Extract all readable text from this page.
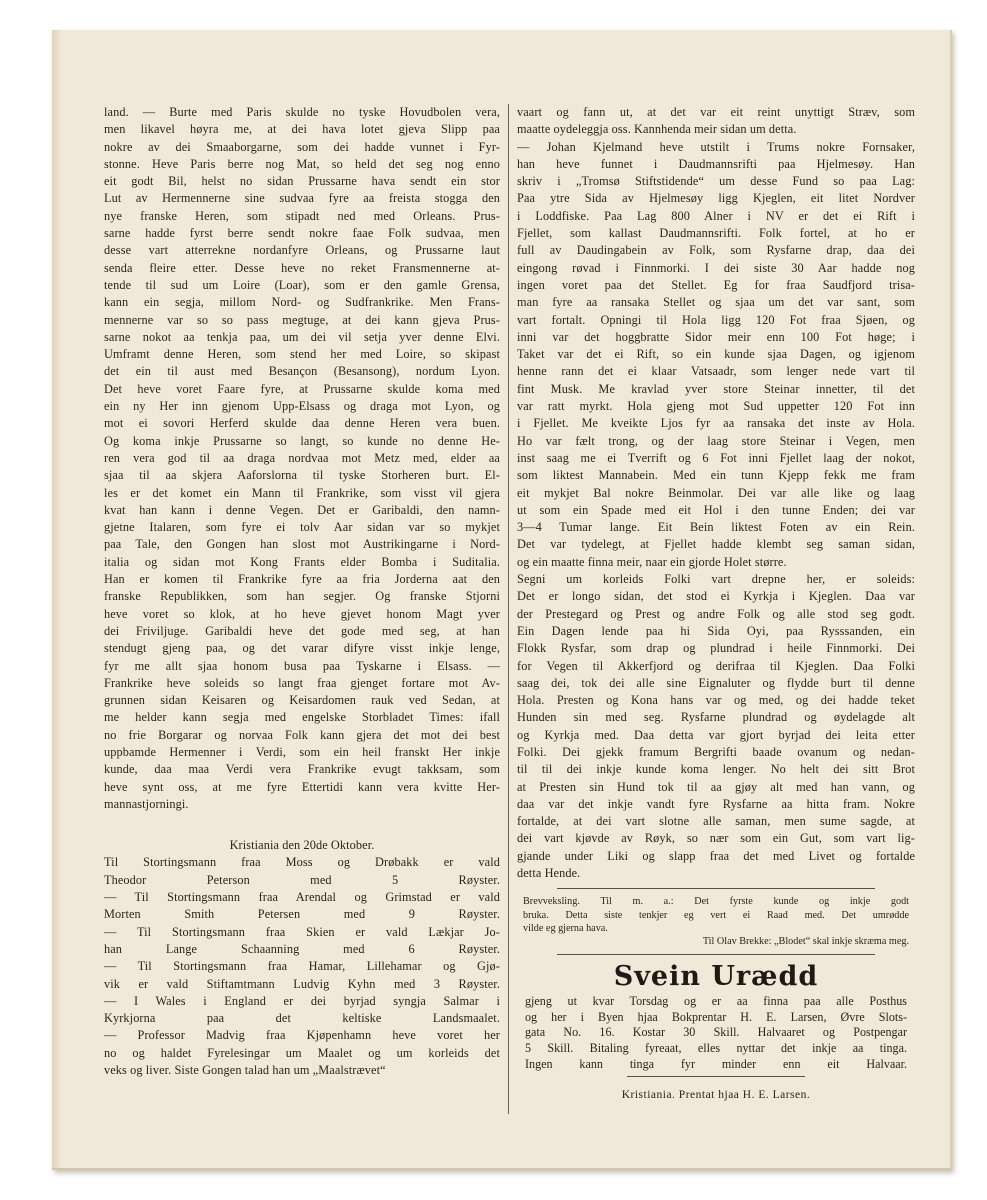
land. — Burte med Paris skulde no tyske Hovudbolen vera,
men likavel høyra me, at dei hava lotet gjeva Slipp paa
nokre av dei Smaaborgarne, som dei hadde vunnet i Fyr-
stonne. Heve Paris berre nog Mat, so held det seg nog enno
eit godt Bil, helst no sidan Prussarne hava sendt ein stor
Lut av Hermennerne sine sudvaa fyre aa freista stogga den
nye franske Heren, som stipadt ned med Orleans. Prus-
sarne hadde fyrst berre sendt nokre faae Folk sudvaa, men
desse vart atterrekne nordanfyre Orleans, og Prussarne laut
senda fleire etter. Desse heve no reket Fransmennerne at-
tende til sud um Loire (Loar), som er den gamle Grensa,
kann ein segja, millom Nord- og Sudfrankrike. Men Frans-
mennerne var so so pass megtuge, at dei kann gjeva Prus-
sarne nokot aa tenkja paa, um dei vil setja yver denne Elvi.
Umframt denne Heren, som stend her med Loire, so skipast
det ein til aust med Besançon (Besansong), nordum Lyon.
Det heve voret Faare fyre, at Prussarne skulde koma med
ein ny Her inn gjenom Upp-Elsass og draga mot Lyon, og
mot ei sovori Herferd skulde daa denne Heren vera buen.
Og koma inkje Prussarne so langt, so kunde no denne He-
ren vera god til aa draga nordvaa mot Metz med, elder aa
sjaa til aa skjera Aaforslorna til tyske Storheren burt. El-
les er det komet ein Mann til Frankrike, som visst vil gjera
kvat han kann i denne Vegen. Det er Garibaldi, den namn-
gjetne Italaren, som fyre ei tolv Aar sidan var so mykjet
paa Tale, den Gongen han slost mot Austrikingarne i Nord-
italia og sidan mot Kong Frants elder Bomba i Suditalia.
Han er komen til Frankrike fyre aa fria Jorderna aat den
franske Republikken, som han segjer. Og franske Stjorni
heve voret so klok, at ho heve gjevet honom Magt yver
dei Friviljuge. Garibaldi heve det gode med seg, at han
stendugt gjeng paa, og det varar difyre visst inkje lenge,
fyr me allt sjaa honom busa paa Tyskarne i Elsass. —
Frankrike heve soleids so langt fraa gjenget fortare mot Av-
grunnen sidan Keisaren og Keisardomen rauk ved Sedan, at
me helder kann segja med engelske Storbladet Times: ifall
no frie Borgarar og norvaa Folk kann gjera det mot dei best
uppbamde Hermenner i Verdi, som ein heil franskt Her inkje
kunde, daa maa Verdi vera Frankrike evugt takksam, som
heve synt oss, at me fyre Ettertidi kann vera kvitte Her-
mannastjorningi.
Kristiania den 20de Oktober.
Til Stortingsmann fraa Moss og Drøbakk er vald
Theodor Peterson med 5 Røyster.
— Til Stortingsmann fraa Arendal og Grimstad er vald
Morten Smith Petersen med 9 Røyster.
— Til Stortingsmann fraa Skien er vald Lækjar Jo-
han Lange Schaanning med 6 Røyster.
— Til Stortingsmann fraa Hamar, Lillehamar og Gjø-
vik er vald Stiftamtmann Ludvig Kyhn med 3 Røyster.
— I Wales i England er dei byrjad syngja Salmar i
Kyrkjorna paa det keltiske Landsmaalet.
— Professor Madvig fraa Kjøpenhamn heve voret her
no og haldet Fyrelesingar um Maalet og um korleids det
veks og liver. Siste Gongen talad han um „Maalstrævet“
vaart og fann ut, at det var eit reint unyttigt Stræv, som
maatte oydeleggja oss. Kannhenda meir sidan um detta.
— Johan Kjelmand heve utstilt i Trums nokre Fornsaker,
han heve funnet i Daudmannsrifti paa Hjelmesøy. Han
skriv i „Tromsø Stiftstidende“ um desse Fund so paa Lag:
Paa ytre Sida av Hjelmesøy ligg Kjeglen, eit litet Nordver
i Loddfiske. Paa Lag 800 Alner i NV er det ei Rift i
Fjellet, som kallast Daudmannsrifti. Folk fortel, at ho er
full av Daudingabein av Folk, som Rysfarne drap, daa dei
eingong røvad i Finnmorki. I dei siste 30 Aar hadde nog
ingen voret paa det Stellet. Eg for fraa Saudfjord trisa-
man fyre aa ransaka Stellet og sjaa um det var sant, som
vart fortalt. Opningi til Hola ligg 120 Fot fraa Sjøen, og
inni var det hoggbratte Sidor meir enn 100 Fot høge; i
Taket var det ei Rift, so ein kunde sjaa Dagen, og igjenom
henne rann det ei klaar Vatsaadr, som lenger nede vart til
fint Musk. Me kravlad yver store Steinar innetter, til det
var ratt myrkt. Hola gjeng mot Sud uppetter 120 Fot inn
i Fjellet. Me kveikte Ljos fyr aa ransaka det inste av Hola.
Ho var fælt trong, og der laag store Steinar i Vegen, men
inst saag me ei Tverrift og 6 Fot inni Fjellet laag der nokot,
som liktest Mannabein. Med ein tunn Kjepp fekk me fram
eit mykjet Bal nokre Beinmolar. Dei var alle like og laag
ut som ein Spade med eit Hol i den tunne Enden; dei var
3—4 Tumar lange. Eit Bein liktest Foten av ein Rein.
Det var tydelegt, at Fjellet hadde klembt seg saman sidan,
og ein maatte finna meir, naar ein gjorde Holet større.
Segni um korleids Folki vart drepne her, er soleids:
Det er longo sidan, det stod ei Kyrkja i Kjeglen. Daa var
der Prestegard og Prest og andre Folk og alle stod seg godt.
Ein Dagen lende paa hi Sida Oyi, paa Rysssanden, ein
Flokk Rysfar, som drap og plundrad i heile Finnmorki. Dei
for Vegen til Akkerfjord og derifraa til Kjeglen. Daa Folki
saag dei, tok dei alle sine Eignaluter og flydde burt til denne
Hola. Presten og Kona hans var og med, og dei hadde teket
Hunden sin med seg. Rysfarne plundrad og øydelagde alt
og Kyrkja med. Daa detta var gjort byrjad dei leita etter
Folki. Dei gjekk framum Bergrifti baade ovanum og nedan-
til til dei inkje kunde koma lenger. No helt dei sitt Brot
at Presten sin Hund tok til aa gjøy alt med han vann, og
daa var det inkje vandt fyre Rysfarne aa hitta fram. Nokre
fortalde, at dei vart slotne alle saman, men sume sagde, at
dei vart kjøvde av Røyk, so nær som ein Gut, som vart lig-
gjande under Liki og slapp fraa det med Livet og fortalde
detta Hende.
Brevveksling. Til m. a.: Det fyrste kunde og inkje godt
bruka. Detta siste tenkjer eg vert ei Raad med. Det umrødde
vilde eg gjerna hava.
Til Olav Brekke: „Blodet“ skal inkje skræma meg.
Svein Urædd
gjeng ut kvar Torsdag og er aa finna paa alle Posthus
og her i Byen hjaa Bokprentar H. E. Larsen, Øvre Slots-
gata No. 16. Kostar 30 Skill. Halvaaret og Postpengar
5 Skill. Bitaling fyreaat, elles nyttar det inkje aa tinga.
Ingen kann tinga fyr minder enn eit Halvaar.
Kristiania. Prentat hjaa H. E. Larsen.
